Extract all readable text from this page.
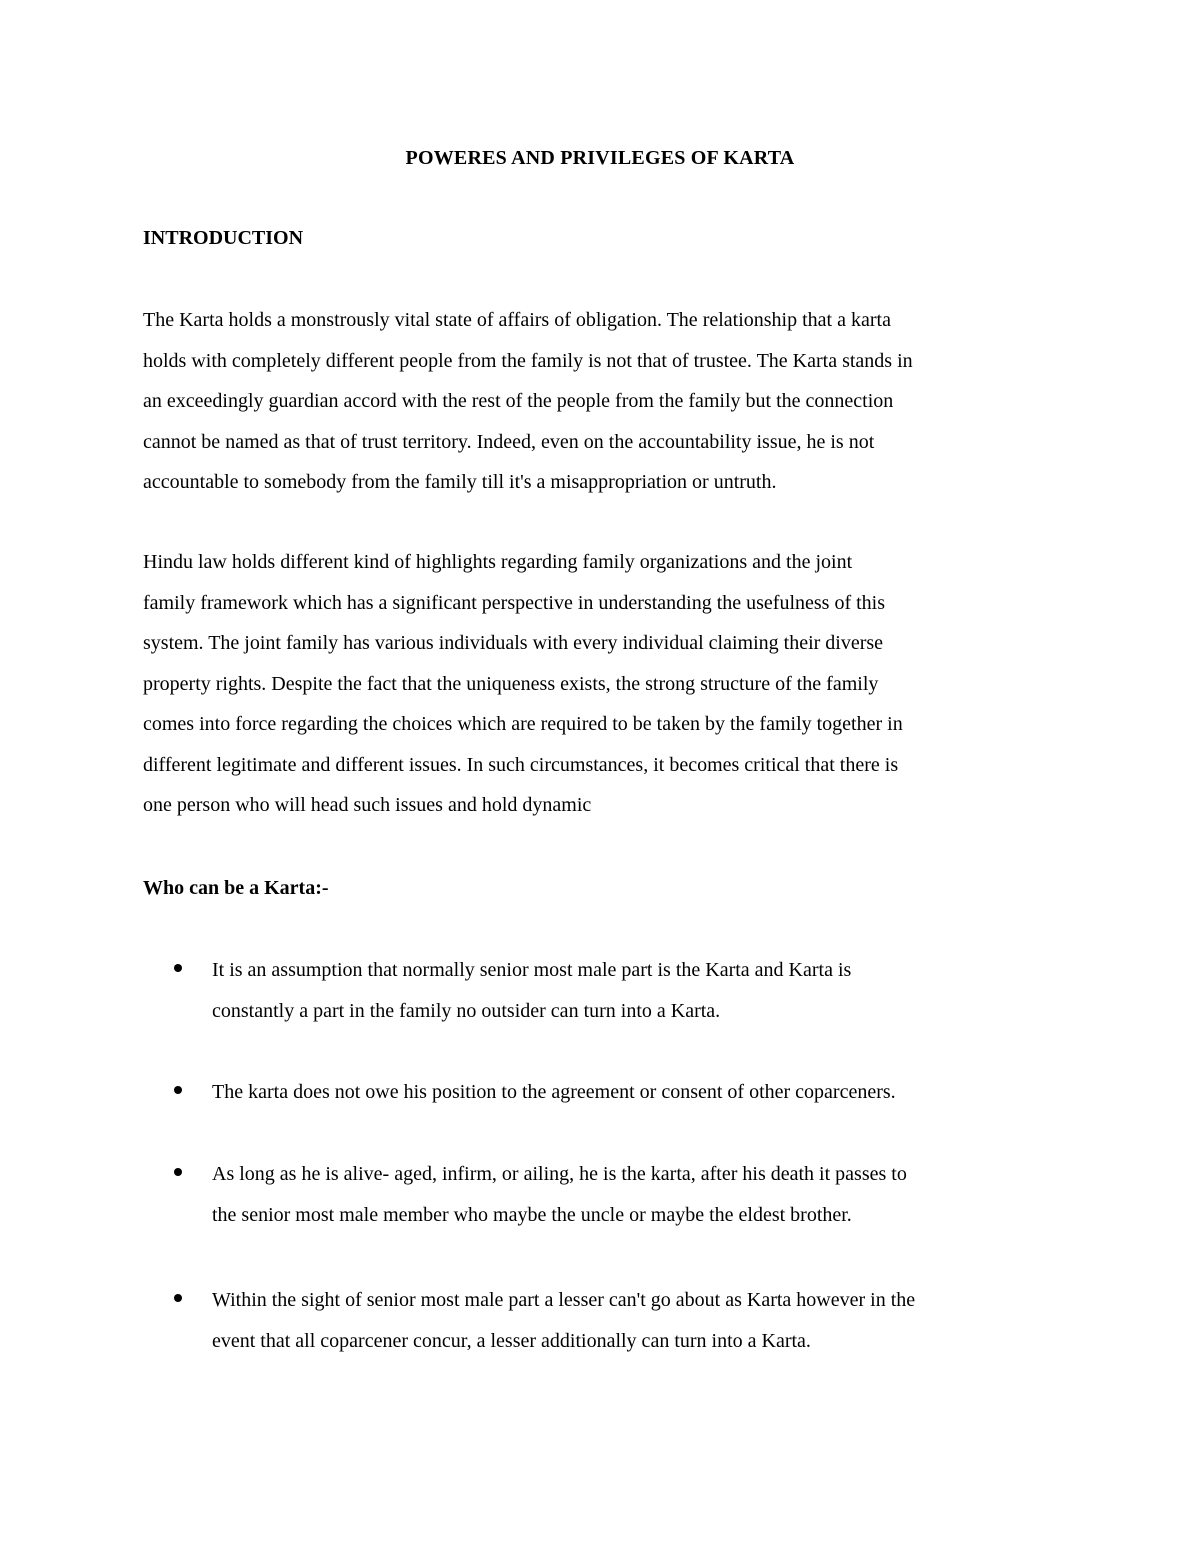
POWERES AND PRIVILEGES OF KARTA
INTRODUCTION
The Karta holds a monstrously vital state of affairs of obligation. The relationship that a karta
holds with completely different people from the family is not that of trustee. The Karta stands in
an exceedingly guardian accord with the rest of the people from the family but the connection
cannot be named as that of trust territory. Indeed, even on the accountability issue, he is not
accountable to somebody from the family till it's a misappropriation or untruth.
Hindu law holds different kind of highlights regarding family organizations and the joint
family framework which has a significant perspective in understanding the usefulness of this
system. The joint family has various individuals with every individual claiming their diverse
property rights. Despite the fact that the uniqueness exists, the strong structure of the family
comes into force regarding the choices which are required to be taken by the family together in
different legitimate and different issues. In such circumstances, it becomes critical that there is
one person who will head such issues and hold dynamic
Who can be a Karta:-
It is an assumption that normally senior most male part is the Karta and Karta is
constantly a part in the family no outsider can turn into a Karta.
The karta does not owe his position to the agreement or consent of other coparceners.
As long as he is alive- aged, infirm, or ailing, he is the karta, after his death it passes to
the senior most male member who maybe the uncle or maybe the eldest brother.
Within the sight of senior most male part a lesser can't go about as Karta however in the
event that all coparcener concur, a lesser additionally can turn into a Karta.
